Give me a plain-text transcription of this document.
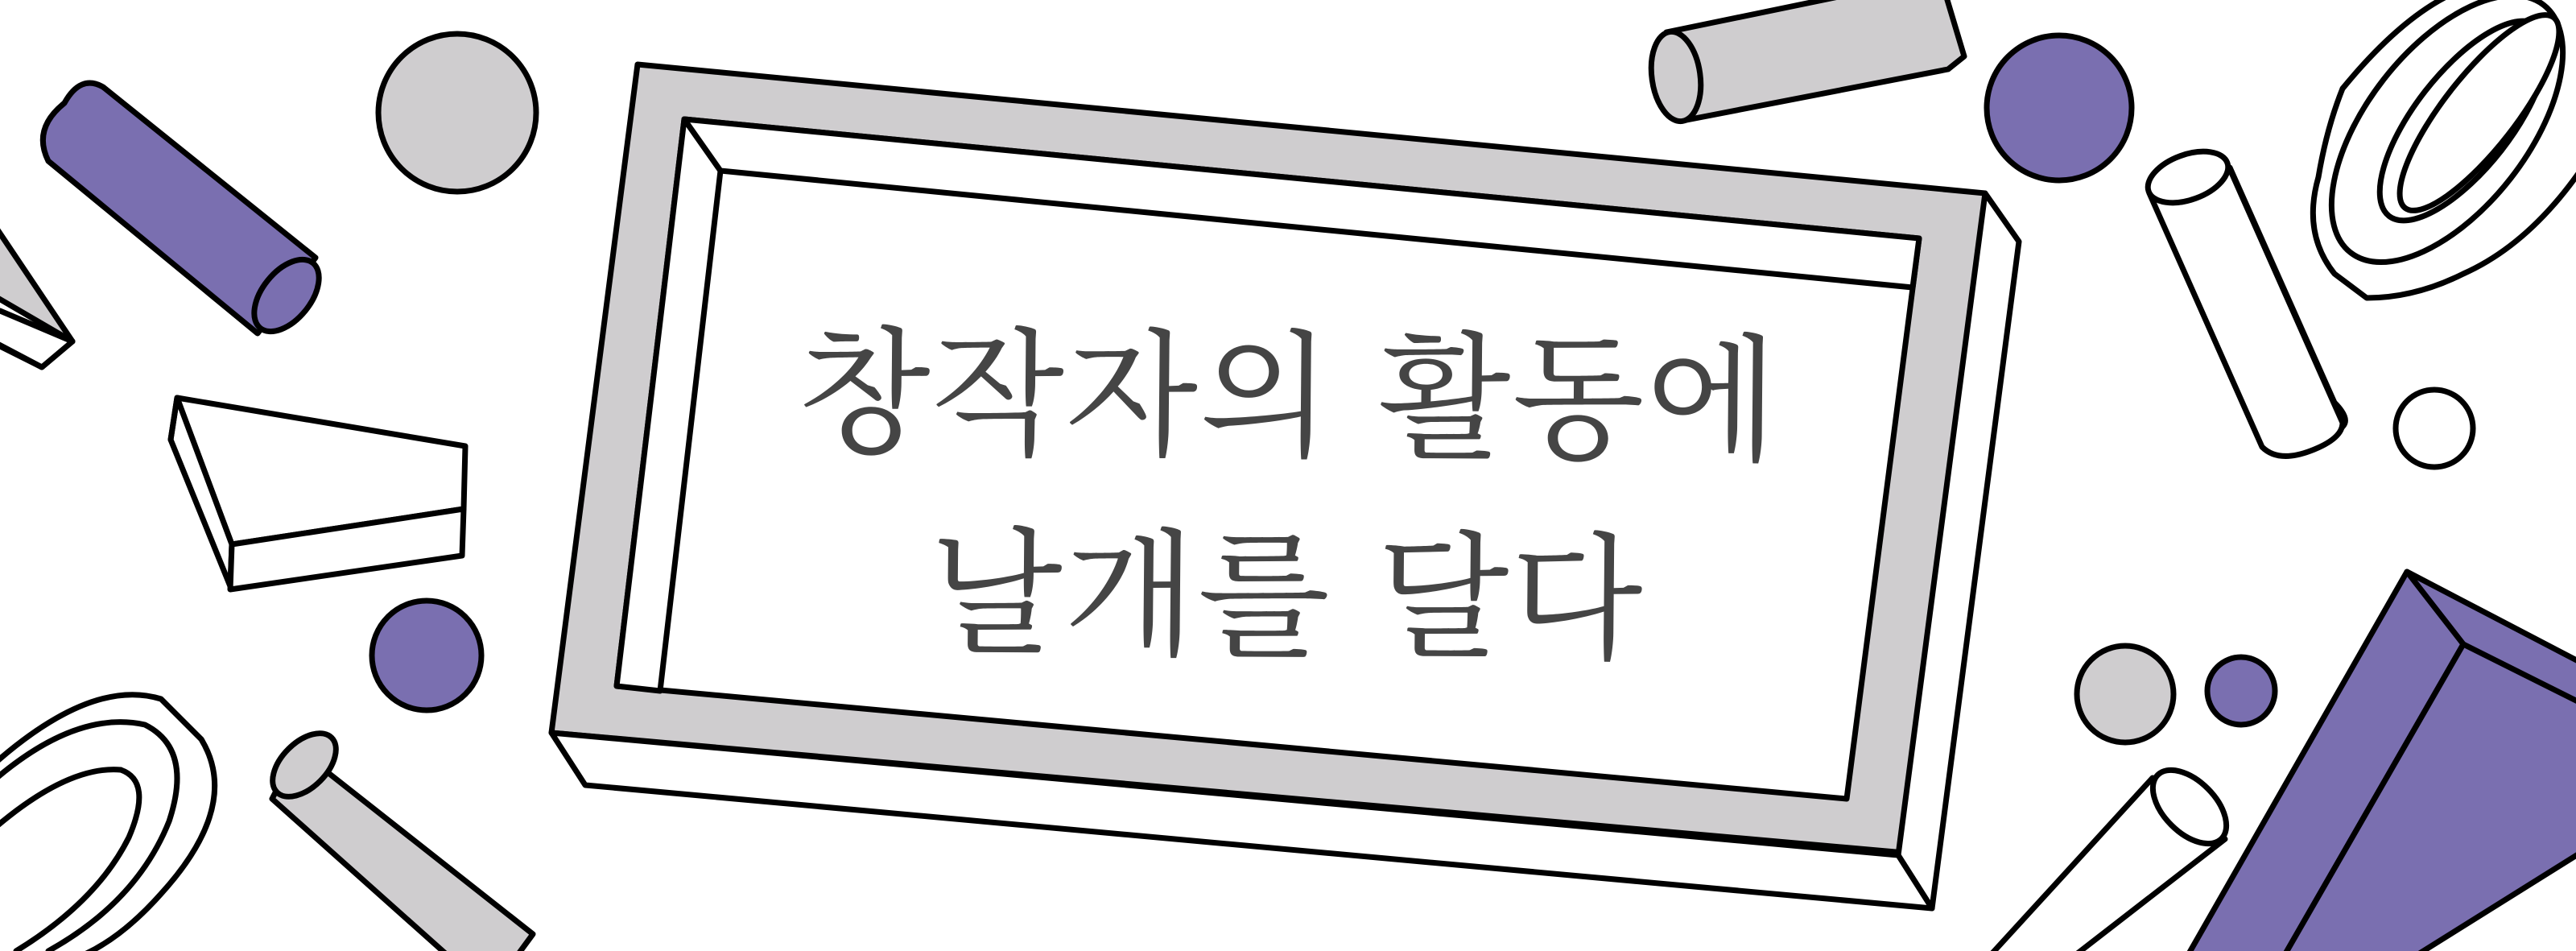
창작자의 활동에
날개를 달다
